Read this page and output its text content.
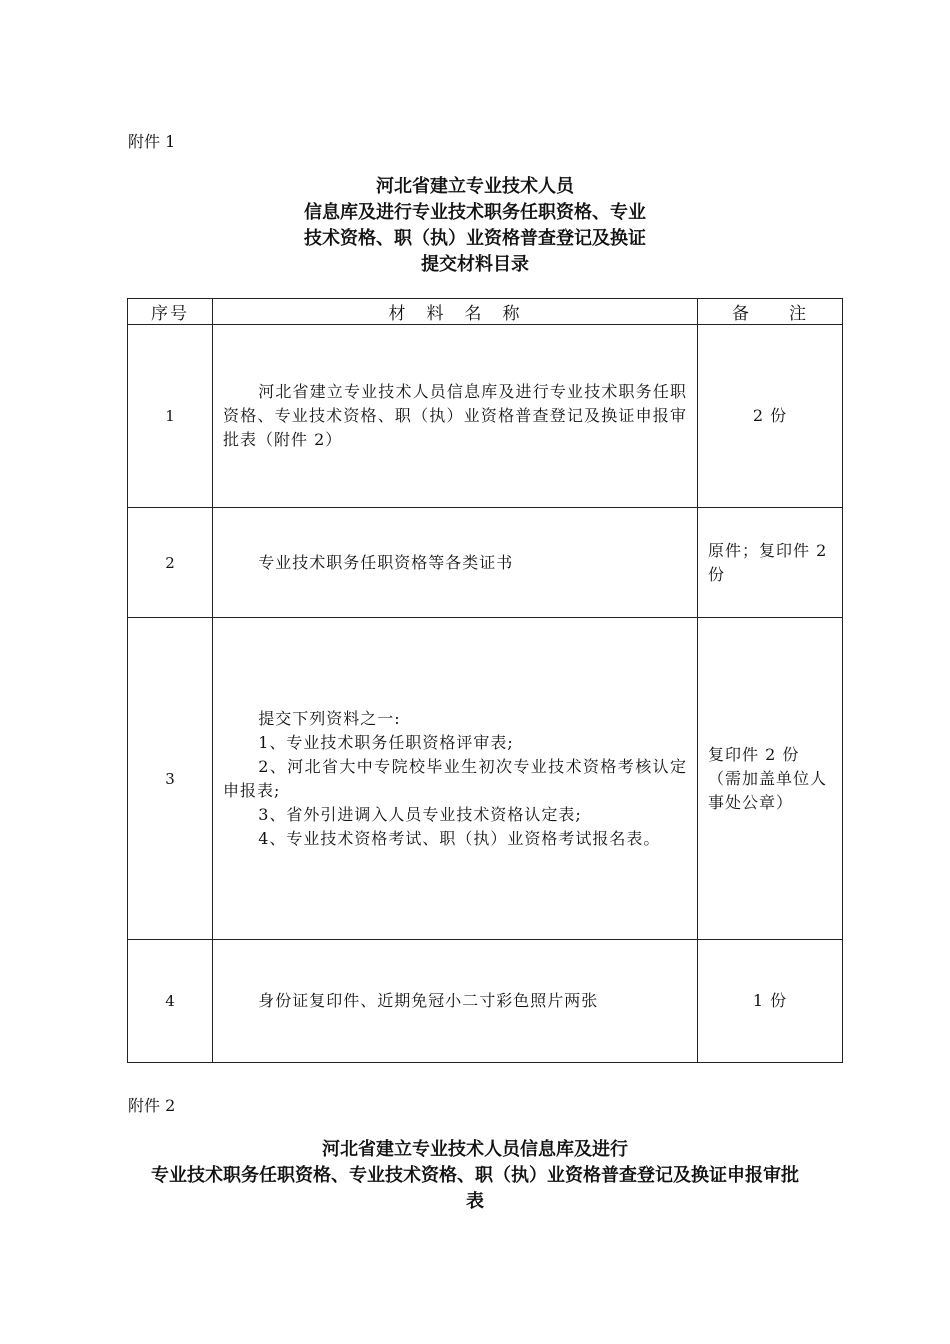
附件 1
河北省建立专业技术人员
信息库及进行专业技术职务任职资格、专业
技术资格、职（执）业资格普查登记及换证
提交材料目录
序号	材　料　名　称	备　　注
1	河北省建立专业技术人员信息库及进行专业技术职务任职资格、专业技术资格、职（执）业资格普查登记及换证申报审批表（附件 2）	2 份
2	专业技术职务任职资格等各类证书	原件；复印件 2 份
3	提交下列资料之一:

1、专业技术职务任职资格评审表;

2、河北省大中专院校毕业生初次专业技术资格考核认定申报表;

3、省外引进调入人员专业技术资格认定表;

4、专业技术资格考试、职（执）业资格考试报名表。	复印件 2 份（需加盖单位人事处公章）
4	身份证复印件、近期免冠小二寸彩色照片两张	1 份
附件 2
河北省建立专业技术人员信息库及进行
专业技术职务任职资格、专业技术资格、职（执）业资格普查登记及换证申报审批
表
